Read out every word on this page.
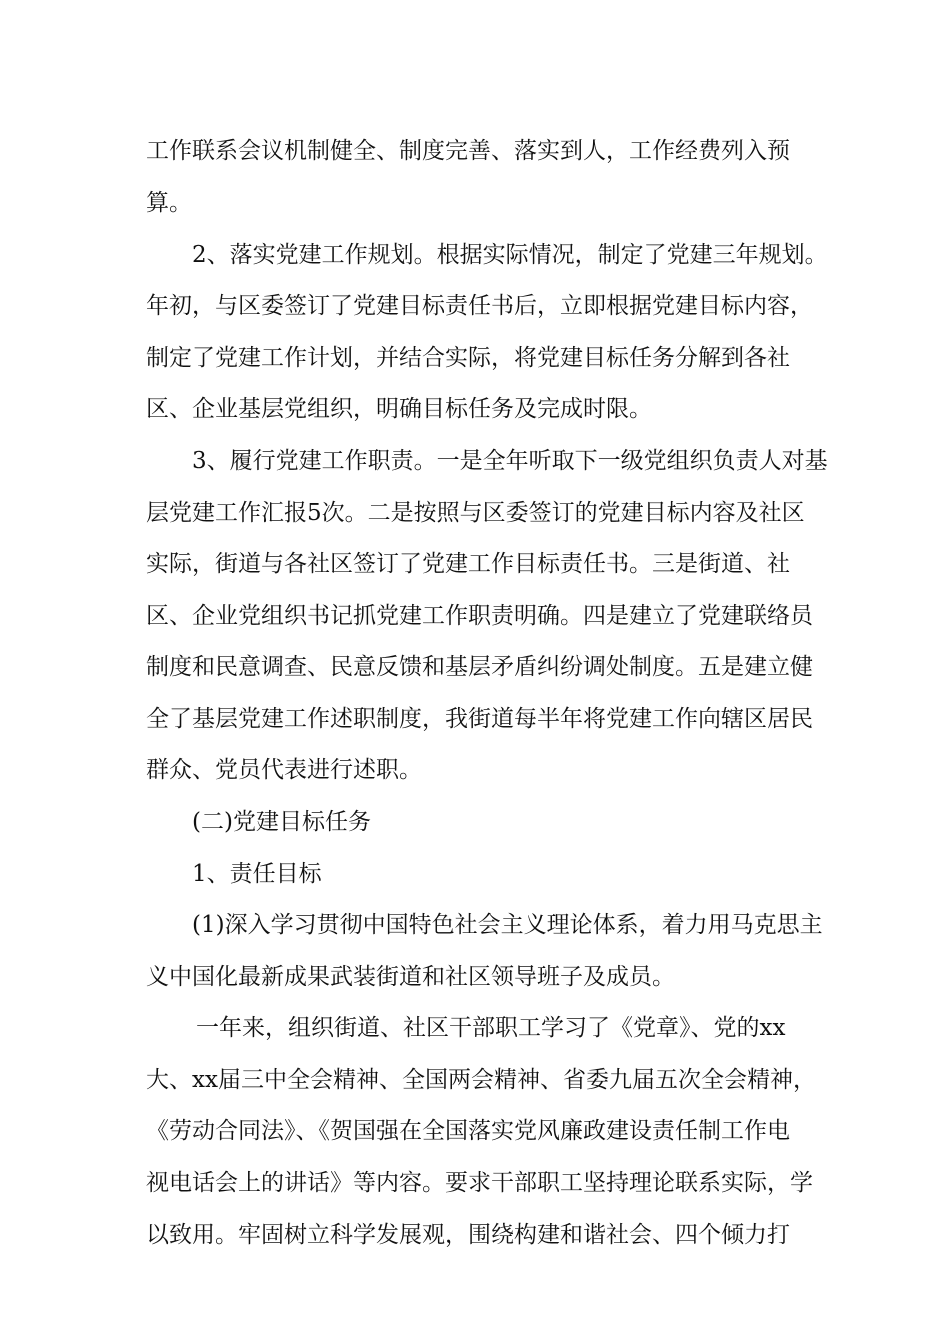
工作联系会议机制健全、制度完善、落实到人，工作经费列入预
算。
2、落实党建工作规划。根据实际情况，制定了党建三年规划。
年初，与区委签订了党建目标责任书后，立即根据党建目标内容，
制定了党建工作计划，并结合实际，将党建目标任务分解到各社
区、企业基层党组织，明确目标任务及完成时限。
3、履行党建工作职责。一是全年听取下一级党组织负责人对基
层党建工作汇报5次。二是按照与区委签订的党建目标内容及社区
实际，街道与各社区签订了党建工作目标责任书。三是街道、社
区、企业党组织书记抓党建工作职责明确。四是建立了党建联络员
制度和民意调查、民意反馈和基层矛盾纠纷调处制度。五是建立健
全了基层党建工作述职制度，我街道每半年将党建工作向辖区居民
群众、党员代表进行述职。
(二)党建目标任务
1、责任目标
(1)深入学习贯彻中国特色社会主义理论体系，着力用马克思主
义中国化最新成果武装街道和社区领导班子及成员。
一年来，组织街道、社区干部职工学习了《党章》、党的xx
大、xx届三中全会精神、全国两会精神、省委九届五次全会精神，
《劳动合同法》、《贺国强在全国落实党风廉政建设责任制工作电
视电话会上的讲话》等内容。要求干部职工坚持理论联系实际，学
以致用。牢固树立科学发展观，围绕构建和谐社会、四个倾力打
